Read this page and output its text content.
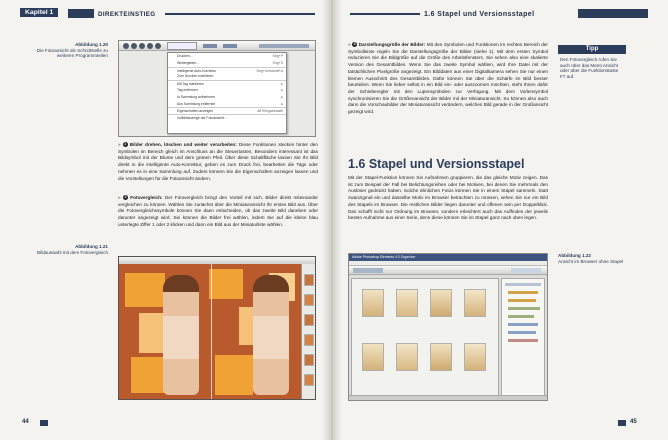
Kapitel 1	DIREKTEINSTIEG	1.6 Stapel und Versionsstapel
Abbildung 1.20
Die Fotoansicht als Schnittstelle zu weiteren Programmteilen	Drucken...	Strg+P
Weitergeben...	Strg+S
Intelligente Auto-Korrektur	Strg+Umschalt+A
Zum Drucken markieren
Mit Tag markieren	▸
Tag entfernen	▸
In Sammlung aufnehmen	▸
Aus Sammlung entfernen	▸
Eigenschaften anzeigen	Alt+Eingabetaste
Vollbildanzeige der Fotoansicht...
» 1 Bilder drehen, löschen und weiter verarbeiten: Diese Funktionen stecken hinter den Symbolen im Bereich gleich im Anschluss an die Steuertasten. Besonders interessant ist das Bildsymbol mit der Blume und dem grünen Pfeil. Über diese Schaltfläche lassen Sie Ihr Bild direkt in die intelligente Auto-Korrektur, geben es zum Druck frei, bearbeiten die Tags oder nehmen es in eine Sammlung auf. Zudem können Sie die Eigenschaften anzeigen lassen und die Vorstellungen für die Fotoansicht ändern.
» 2 Fotovergleich: Der Fotovergleich bringt den Vorteil mit sich, Bilder direkt miteinander vergleichen zu können. Wählen Sie zunächst über die Miniaturansicht Ihr erstes Bild aus. Über die Fotovergleichssymbole können Sie dann entscheiden, ob das zweite Bild daneben oder darunter angezeigt wird. Sie können die Bilder frei wählen, indem Sie auf die kleine blau unterlegte Ziffer 1 oder 2 klicken und dann ein Bild aus der Miniaturliste wählen.
Abbildung 1.21
Bildauswahl mit dem Fotovergleich
44
» 3 Darstellungsgröße der Bilder: Mit den Symbolen und Funktionen im rechten Bereich der Symbolleiste regeln Sie die Darstellungsgröße der Bilder (siehe 1). Mit dem ersten Symbol reduzieren Sie die Bildgröße auf die Größe des Arbeitsfensters. Sie sehen also eine skalierte Version des Gesamtbildes. Wenn Sie das zweite Symbol wählen, wird Ihre Datei mit der tatsächlichen Pixelgröße angezeigt. Ein Bilddaten aus einer Digitalkamera sehen Sie nur einen kleinen Ausschnitt des Gesamtbildes. Dafür können Sie über die Schärfe im Bild besser beurteilen. Wenn Sie lieber selbst in ein Bild ein- oder auszoomen möchten, steht Ihnen dafür der Schieberegler mit den Lupensymbolen zur Verfügung. Mit dem Vorlensymbol synchronisieren Sie die Größenansicht der Bilder mit der Miniaturansicht. So können also auch dann die Vorschaubilder der Miniaturansicht verändern, welches Bild gerade in der Großansicht gezeigt wird.
Tipp
Den Fotovergleich rufen Sie auch über das Menü Ansicht oder über die Funktionstaste F7 auf.
1.6 Stapel und Versionsstapel
Mit der Stapel-Funktion können Sie Aufnahmen gruppieren, die das gleiche Motiv zeigen. Das ist zum Beispiel der Fall bei Belichtungsreihen oder bei Motiven, bei denen Sie mehrmals den Auslöser gedrückt haben. Solche ähnlichen Fotos können Sie in einem Stapel sammeln. Statt zwanzigmal ein und dasselbe Motiv im Browser betrachten zu müssen, sehen Sie nur ein Bild des Stapels im Browser. Die restlichen Bilder liegen darunter und offenen sein per Doppelklick. Das schafft nicht nur Ordnung im Browser, sondern erleichtert auch das Auffinden der jeweils besten Aufnahme aus einer Serie, denn diese können Sie im Stapel ganz nach oben legen.
Abbildung 1.22
Ansicht im Browser ohne Stapel
Adobe Photoshop Elements 4.0 Organizer
45
